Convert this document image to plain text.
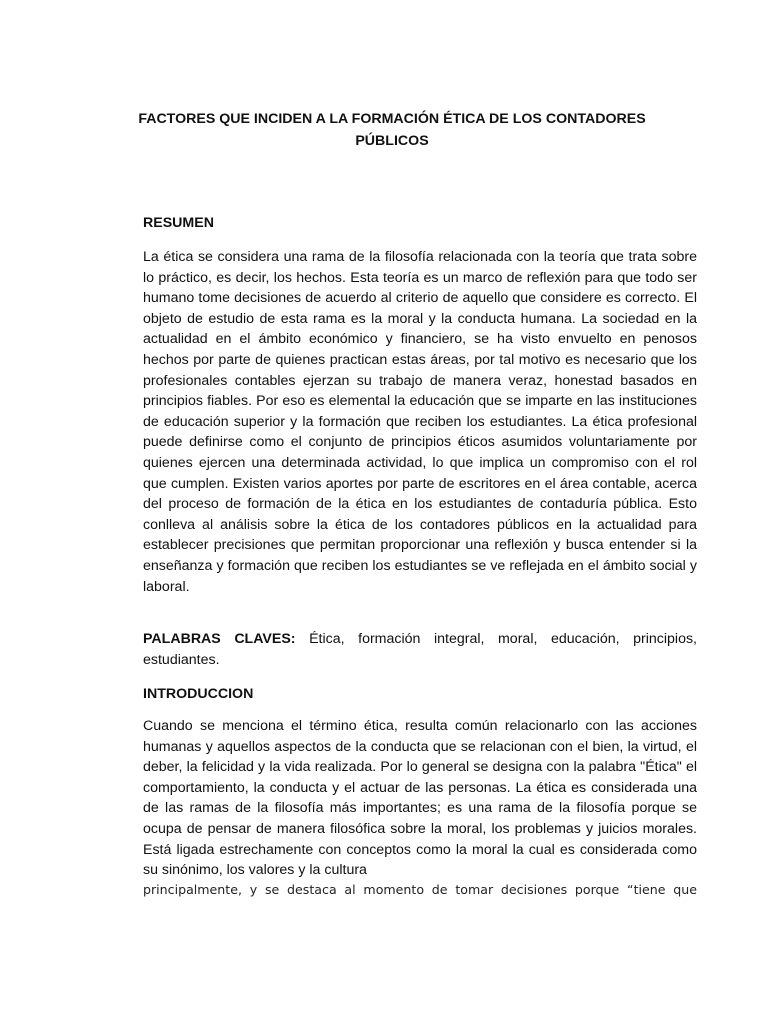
FACTORES QUE INCIDEN A LA FORMACIÓN ÉTICA DE LOS CONTADORES PÚBLICOS
RESUMEN

La ética se considera una rama de la filosofía relacionada con la teoría que trata sobre lo práctico, es decir, los hechos. Esta teoría es un marco de reflexión para que todo ser humano tome decisiones de acuerdo al criterio de aquello que considere es correcto. El objeto de estudio de esta rama es la moral y la conducta humana. La sociedad en la actualidad en el ámbito económico y financiero, se ha visto envuelto en penosos hechos por parte de quienes practican estas áreas, por tal motivo es necesario que los profesionales contables ejerzan su trabajo de manera veraz, honestad basados en principios fiables. Por eso es elemental la educación que se imparte en las instituciones de educación superior y la formación que reciben los estudiantes. La ética profesional puede definirse como el conjunto de principios éticos asumidos voluntariamente por quienes ejercen una determinada actividad, lo que implica un compromiso con el rol que cumplen. Existen varios aportes por parte de escritores en el área contable, acerca del proceso de formación de la ética en los estudiantes de contaduría pública. Esto conlleva al análisis sobre la ética de los contadores públicos en la actualidad para establecer precisiones que permitan proporcionar una reflexión y busca entender si la enseñanza y formación que reciben los estudiantes se ve reflejada en el ámbito social y laboral.

PALABRAS CLAVES: Ética, formación integral, moral, educación, principios, estudiantes.

INTRODUCCION

Cuando se menciona el término ética, resulta común relacionarlo con las acciones humanas y aquellos aspectos de la conducta que se relacionan con el bien, la virtud, el deber, la felicidad y la vida realizada. Por lo general se designa con la palabra "Ética" el comportamiento, la conducta y el actuar de las personas. La ética es considerada una de las ramas de la filosofía más importantes; es una rama de la filosofía porque se ocupa de pensar de manera filosófica sobre la moral, los problemas y juicios morales. Está ligada estrechamente con conceptos como la moral la cual es considerada como su sinónimo, los valores y la cultura

principalmente, y se destaca al momento de tomar decisiones porque “tiene que
